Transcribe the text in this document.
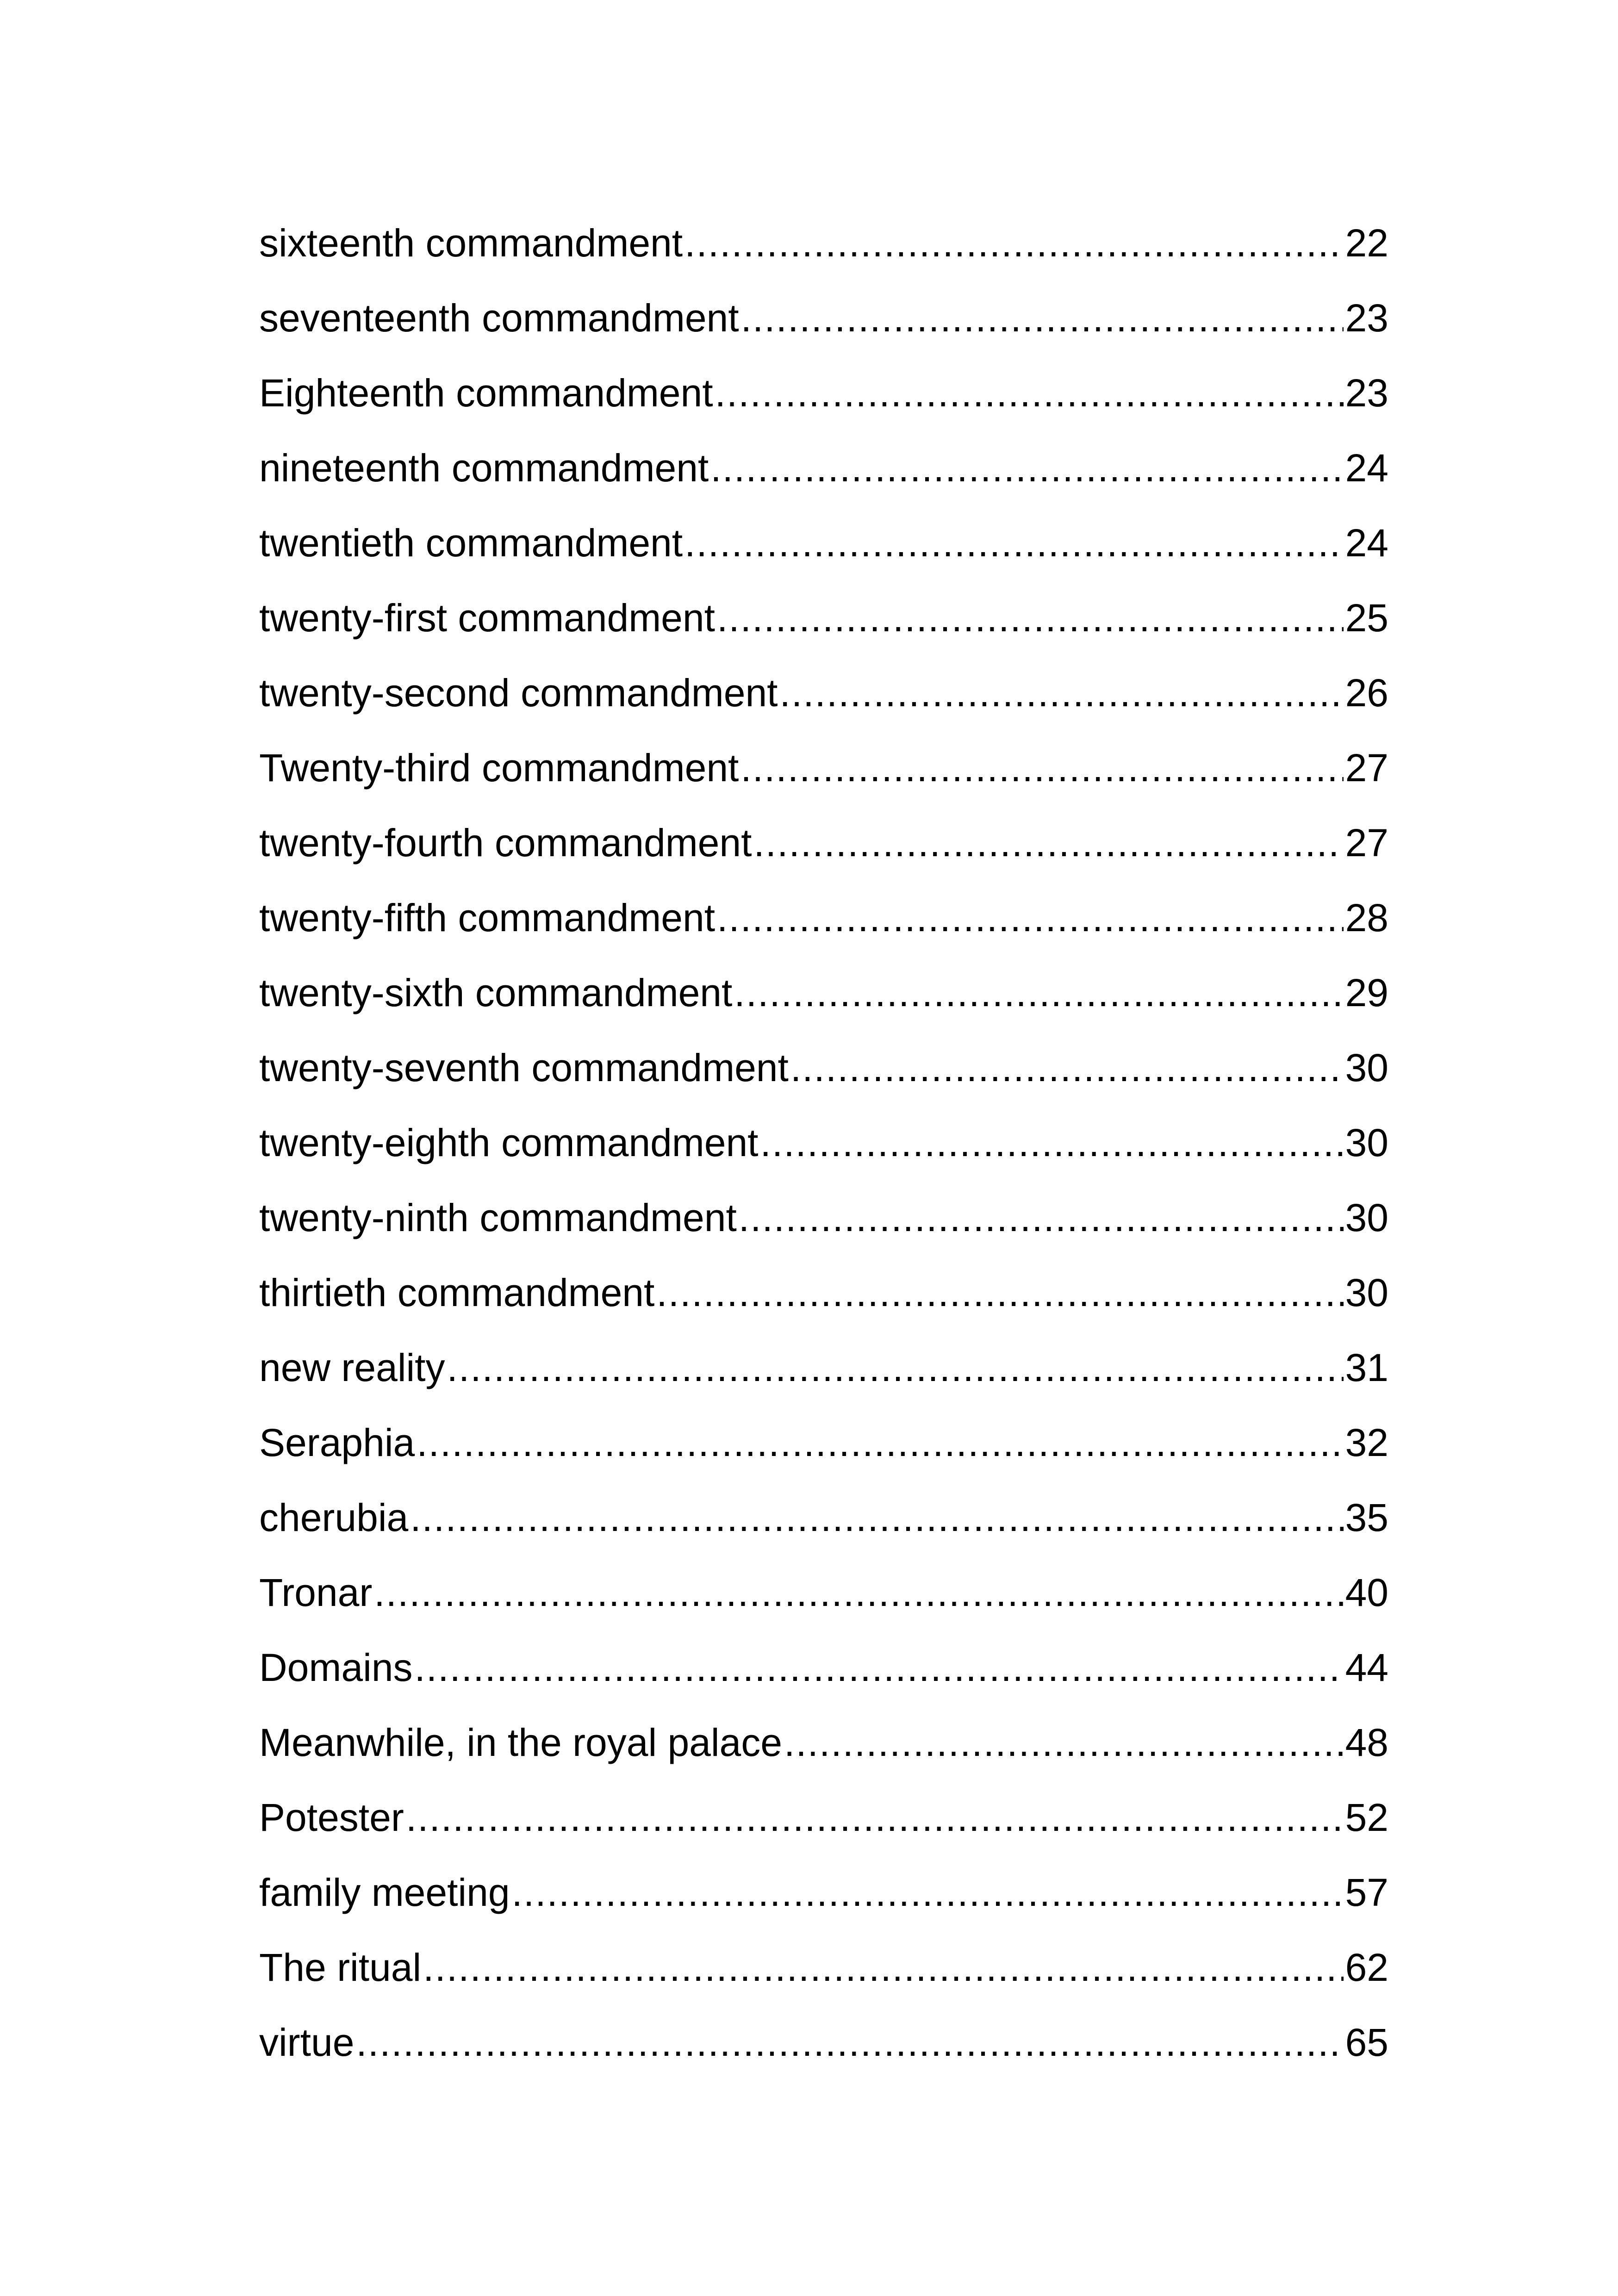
sixteenth commandment .....	22
seventeenth commandment .....	23
Eighteenth commandment .....	23
nineteenth commandment .....	24
twentieth commandment .....	24
twenty-first commandment .....	25
twenty-second commandment .....	26
Twenty-third commandment .....	27
twenty-fourth commandment .....	27
twenty-fifth commandment .....	28
twenty-sixth commandment .....	29
twenty-seventh commandment .....	30
twenty-eighth commandment .....	30
twenty-ninth commandment .....	30
thirtieth commandment .....	30
new reality .....	31
Seraphia .....	32
cherubia .....	35
Tronar .....	40
Domains .....	44
Meanwhile, in the royal palace .....	48
Potester .....	52
family meeting .....	57
The ritual .....	62
virtue .....	65
